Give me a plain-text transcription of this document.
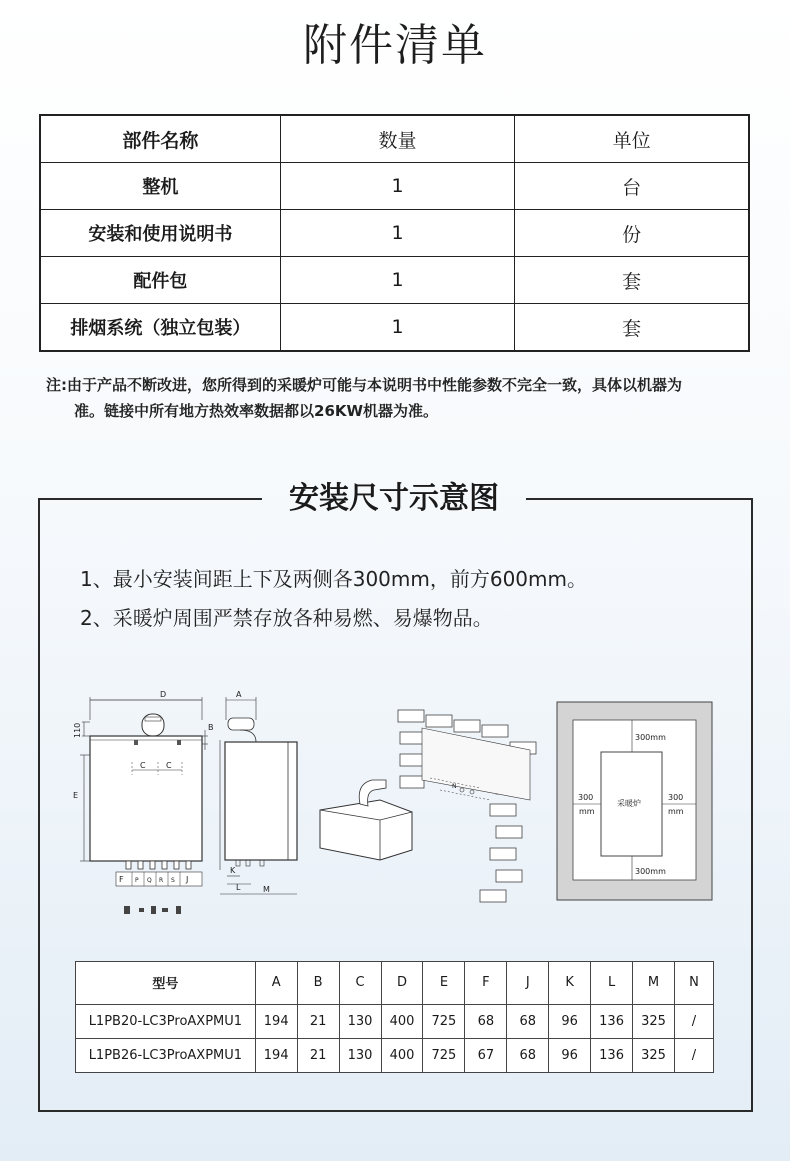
附件清单
部件名称	数量	单位
整机	1	台
安装和使用说明书	1	份
配件包	1	套
排烟系统（独立包装）	1	套
注:由于产品不断改进，您所得到的采暖炉可能与本说明书中性能参数不完全一致，具体以机器为
准。链接中所有地方热效率数据都以26KW机器为准。
安装尺寸示意图
1、最小安装间距上下及两侧各300mm，前方600mm。
2、采暖炉周围严禁存放各种易燃、易爆物品。
D
110
E
C	C
B
F P Q R S J
A
K
L	M
N
300mm
300mm
300
mm
300
mm
采暖炉
型号	A	B	C	D	E	F	J	K	L	M	N
L1PB20-LC3ProAXPMU1	194	21	130	400	725	68	68	96	136	325	/
L1PB26-LC3ProAXPMU1	194	21	130	400	725	67	68	96	136	325	/
